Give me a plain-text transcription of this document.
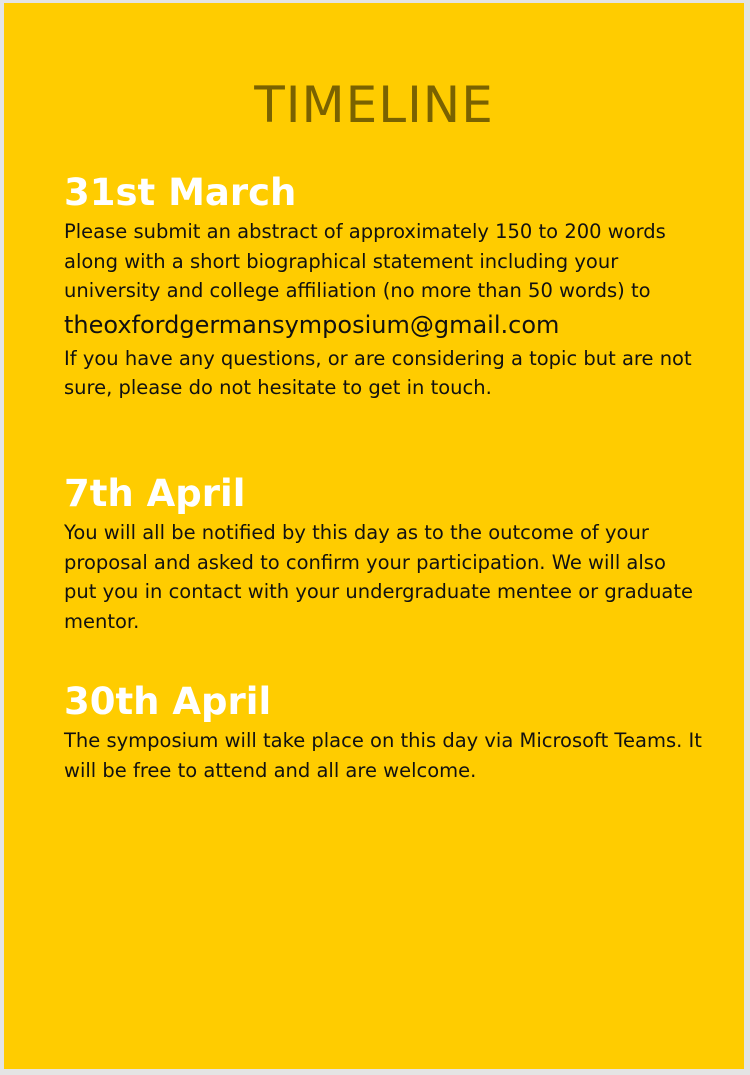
TIMELINE

31st March

Please submit an abstract of approximately 150 to 200 words along with a short biographical statement including your university and college affiliation (no more than 50 words) to

theoxfordgermansymposium@gmail.com

If you have any questions, or are considering a topic but are not sure, please do not hesitate to get in touch.

7th April

You will all be notified by this day as to the outcome of your proposal and asked to confirm your participation. We will also put you in contact with your undergraduate mentee or graduate mentor.

30th April

The symposium will take place on this day via Microsoft Teams. It will be free to attend and all are welcome.
